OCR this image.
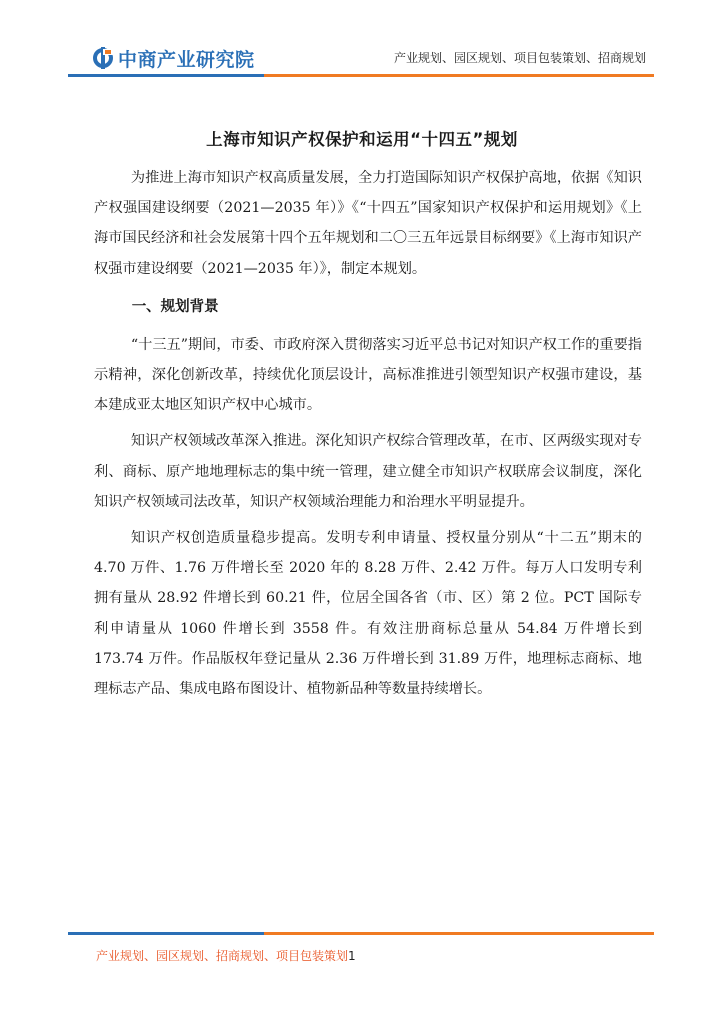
中商产业研究院	产业规划、园区规划、项目包装策划、招商规划
上海市知识产权保护和运用“十四五”规划

为推进上海市知识产权高质量发展，全力打造国际知识产权保护高地，依据《知识产权强国建设纲要（2021—2035 年）》《“十四五”国家知识产权保护和运用规划》《上海市国民经济和社会发展第十四个五年规划和二〇三五年远景目标纲要》《上海市知识产权强市建设纲要（2021—2035 年）》，制定本规划。

一、规划背景

“十三五”期间，市委、市政府深入贯彻落实习近平总书记对知识产权工作的重要指示精神，深化创新改革，持续优化顶层设计，高标准推进引领型知识产权强市建设，基本建成亚太地区知识产权中心城市。

知识产权领域改革深入推进。深化知识产权综合管理改革，在市、区两级实现对专利、商标、原产地地理标志的集中统一管理，建立健全市知识产权联席会议制度，深化知识产权领域司法改革，知识产权领域治理能力和治理水平明显提升。

知识产权创造质量稳步提高。发明专利申请量、授权量分别从“十二五”期末的 4.70 万件、1.76 万件增长至 2020 年的 8.28 万件、2.42 万件。每万人口发明专利拥有量从 28.92 件增长到 60.21 件，位居全国各省（市、区）第 2 位。PCT 国际专利申请量从 1060 件增长到 3558 件。有效注册商标总量从 54.84 万件增长到 173.74 万件。作品版权年登记量从 2.36 万件增长到 31.89 万件，地理标志商标、地理标志产品、集成电路布图设计、植物新品种等数量持续增长。

产业规划、园区规划、招商规划、项目包装策划1
